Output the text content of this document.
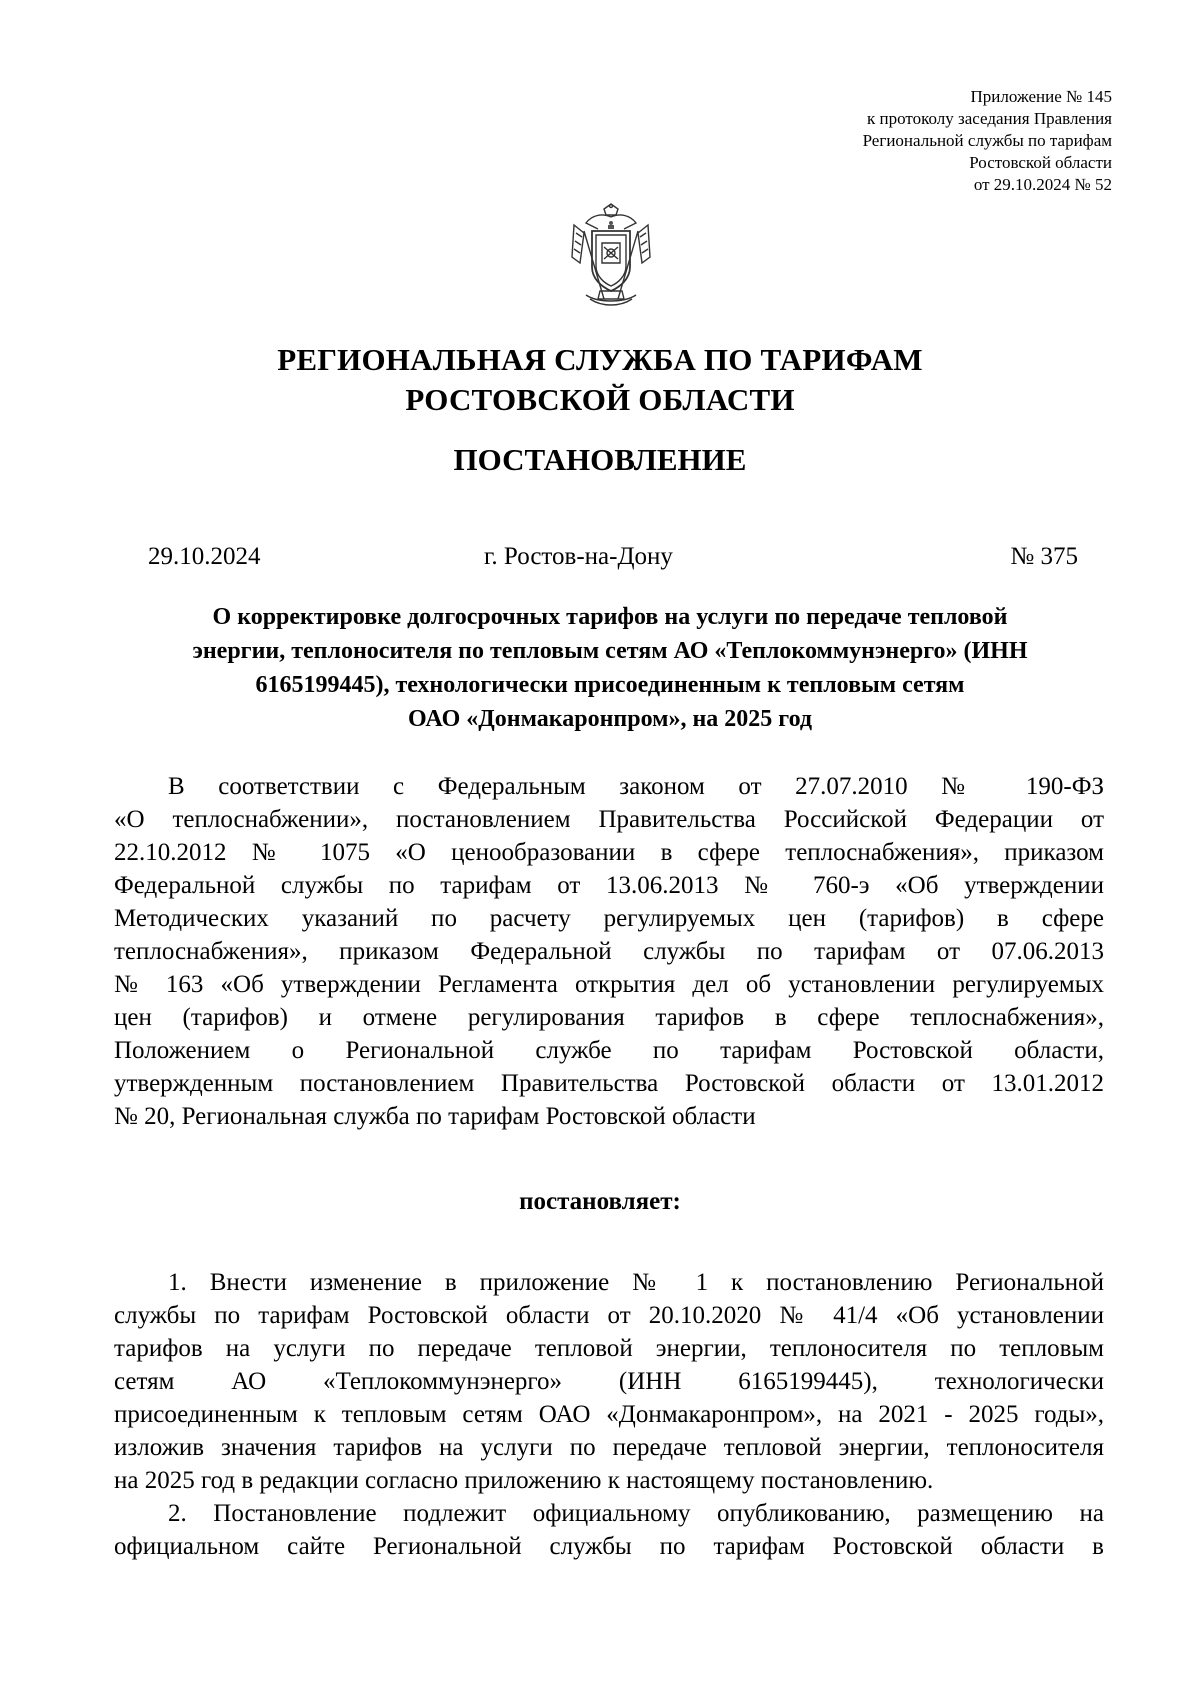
Приложение № 145
к протоколу заседания Правления
Региональной службы по тарифам
Ростовской области
от 29.10.2024 № 52
РЕГИОНАЛЬНАЯ СЛУЖБА ПО ТАРИФАМ
РОСТОВСКОЙ ОБЛАСТИ
ПОСТАНОВЛЕНИЕ
29.10.2024	г. Ростов-на-Дону	№ 375
О корректировке долгосрочных тарифов на услуги по передаче тепловой
энергии, теплоносителя по тепловым сетям АО «Теплокоммунэнерго» (ИНН
6165199445), технологически присоединенным к тепловым сетям
ОАО «Донмакаронпром», на 2025 год
В соответствии с Федеральным законом от 27.07.2010 № 190-ФЗ
«О теплоснабжении», постановлением Правительства Российской Федерации от
22.10.2012 № 1075 «О ценообразовании в сфере теплоснабжения», приказом
Федеральной службы по тарифам от 13.06.2013 № 760-э «Об утверждении
Методических указаний по расчету регулируемых цен (тарифов) в сфере
теплоснабжения», приказом Федеральной службы по тарифам от 07.06.2013
№ 163 «Об утверждении Регламента открытия дел об установлении регулируемых
цен (тарифов) и отмене регулирования тарифов в сфере теплоснабжения»,
Положением о Региональной службе по тарифам Ростовской области,
утвержденным постановлением Правительства Ростовской области от 13.01.2012
№ 20, Региональная служба по тарифам Ростовской области
постановляет:
1. Внести изменение в приложение № 1 к постановлению Региональной
службы по тарифам Ростовской области от 20.10.2020 № 41/4 «Об установлении
тарифов на услуги по передаче тепловой энергии, теплоносителя по тепловым
сетям АО «Теплокоммунэнерго» (ИНН 6165199445), технологически
присоединенным к тепловым сетям ОАО «Донмакаронпром», на 2021 - 2025 годы»,
изложив значения тарифов на услуги по передаче тепловой энергии, теплоносителя
на 2025 год в редакции согласно приложению к настоящему постановлению.
2. Постановление подлежит официальному опубликованию, размещению на
официальном сайте Региональной службы по тарифам Ростовской области в
